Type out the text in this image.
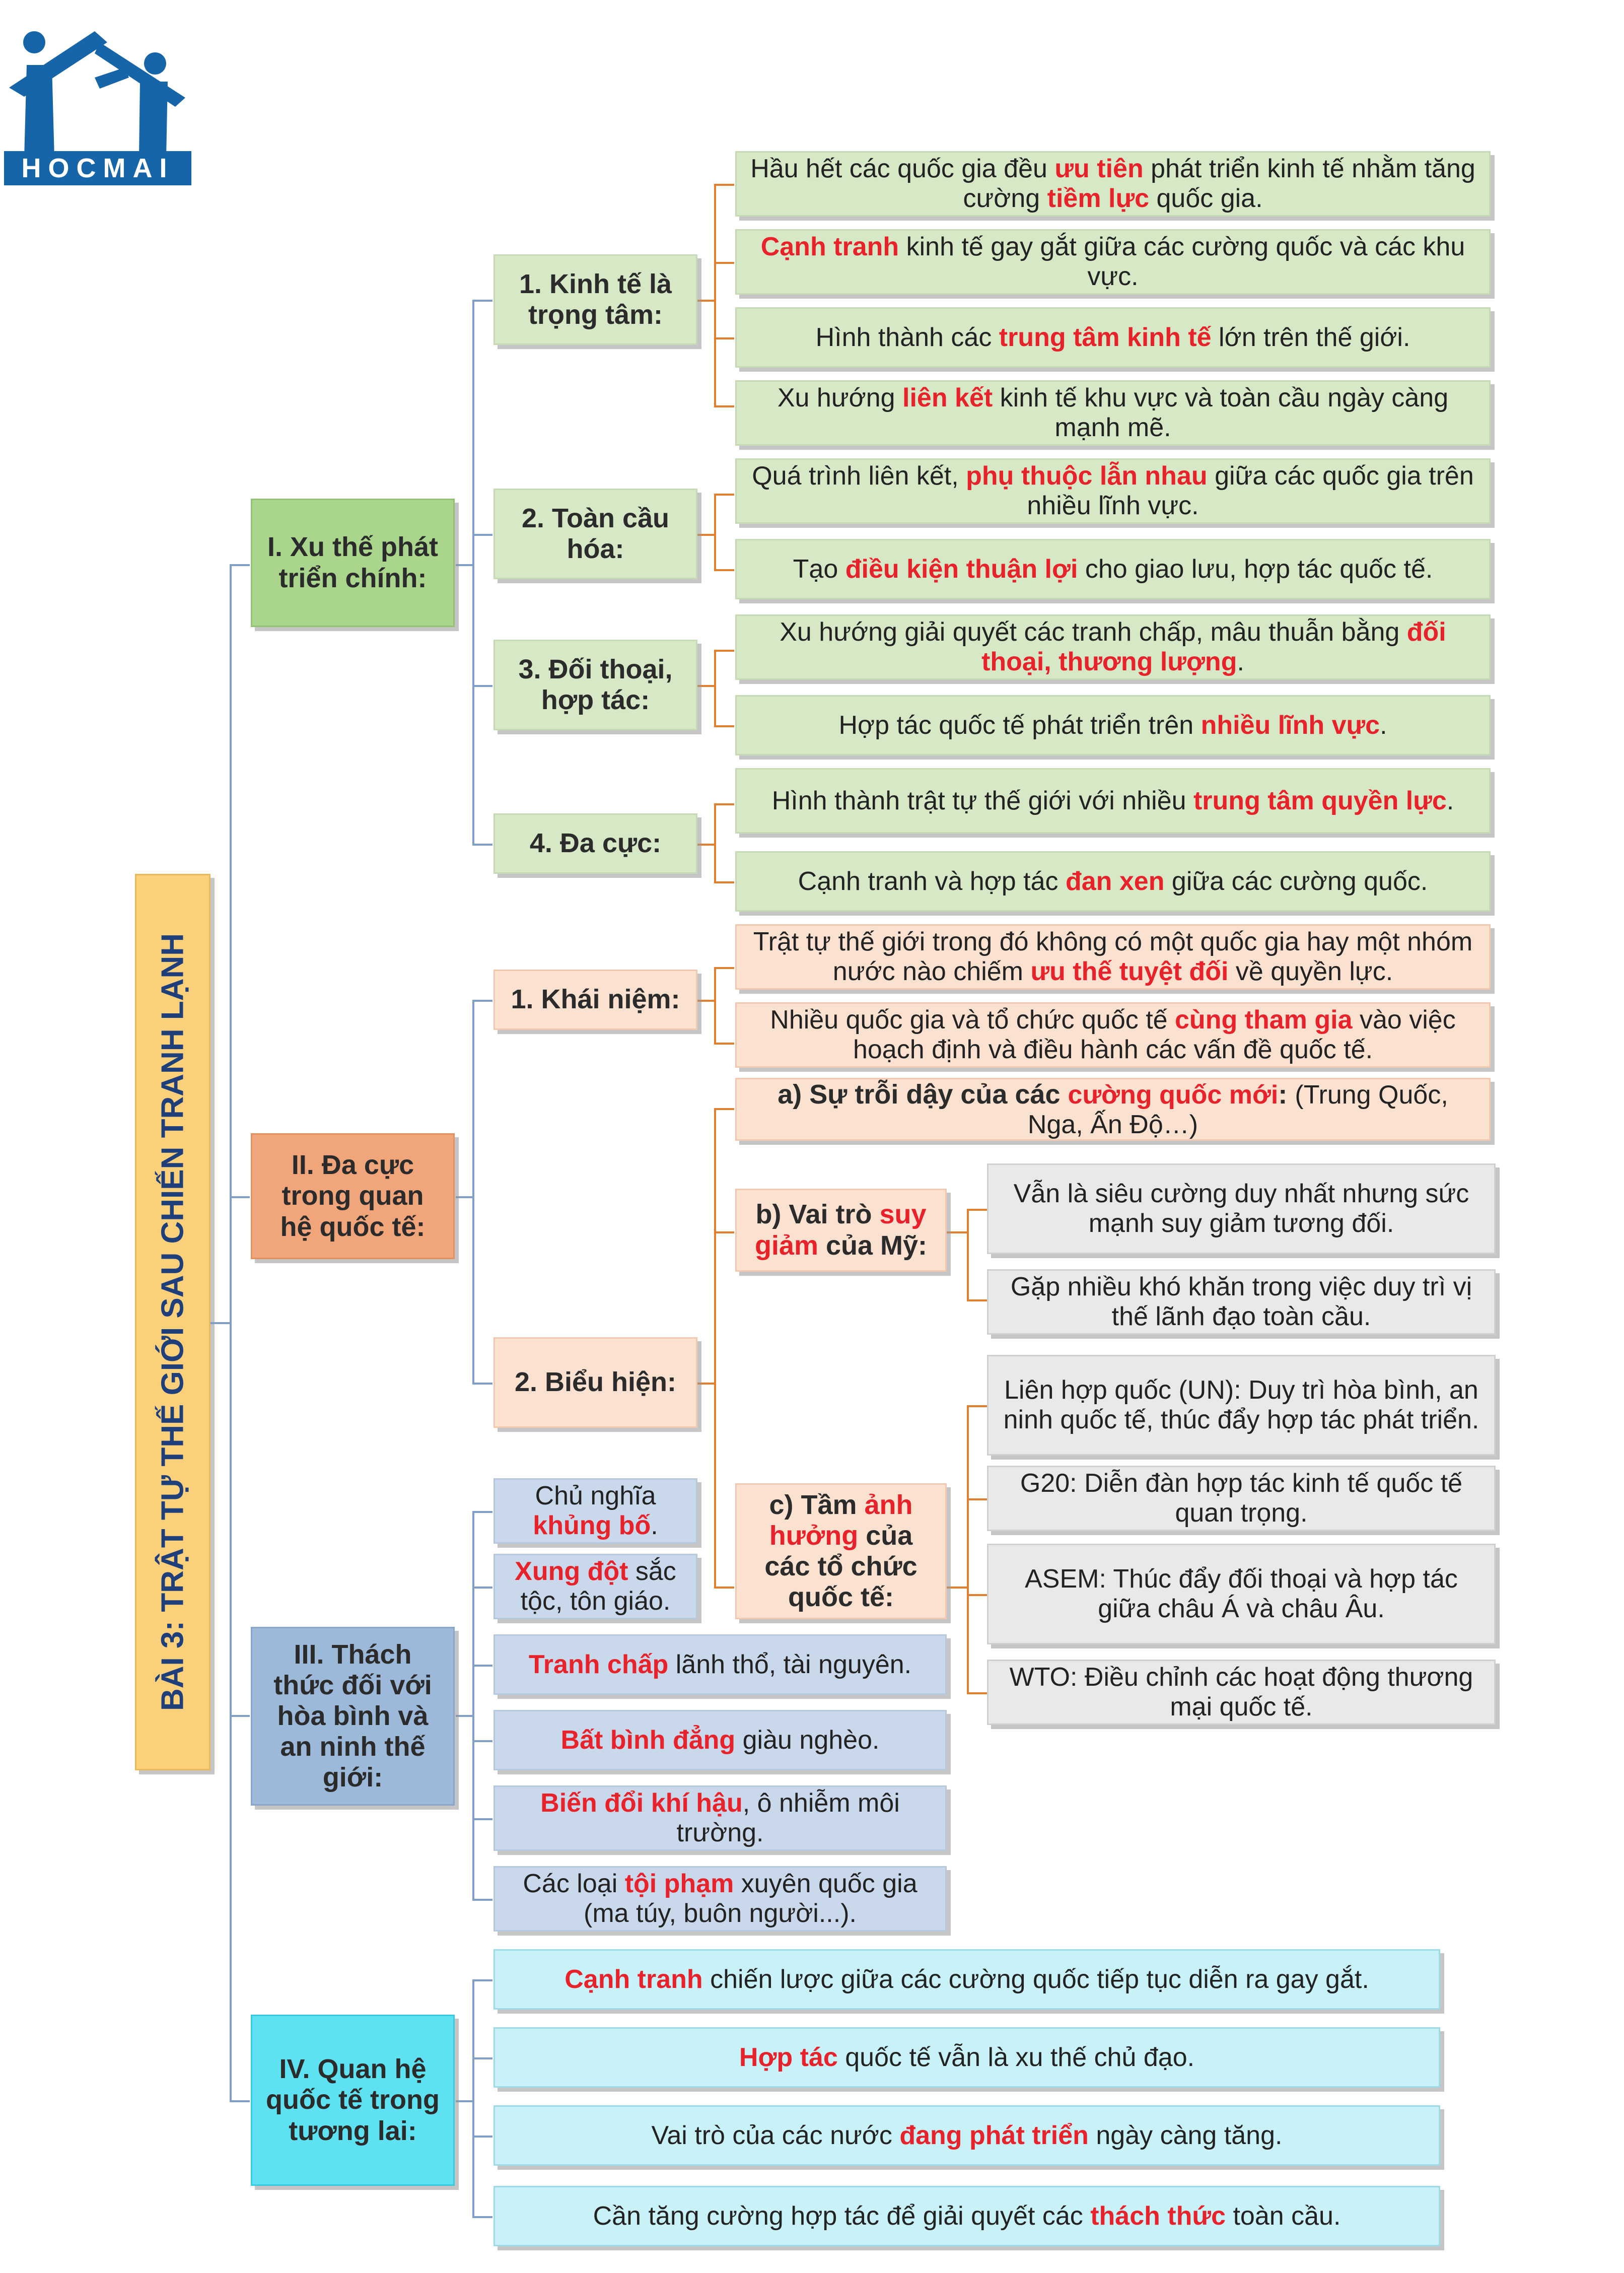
HOCMAI
BÀI 3: TRẬT TỰ THẾ GIỚI SAU CHIẾN TRANH LẠNH
I. Xu thế phát triển chính:
1. Kinh tế là trọng tâm:
2. Toàn cầu hóa:
3. Đối thoại, hợp tác:
4. Đa cực:
Hầu hết các quốc gia đều ưu tiên phát triển kinh tế nhằm tăng cường tiềm lực quốc gia.
Cạnh tranh kinh tế gay gắt giữa các cường quốc và các khu vực.
Hình thành các trung tâm kinh tế lớn trên thế giới.
Xu hướng liên kết kinh tế khu vực và toàn cầu ngày càng mạnh mẽ.
Quá trình liên kết, phụ thuộc lẫn nhau giữa các quốc gia trên nhiều lĩnh vực.
Tạo điều kiện thuận lợi cho giao lưu, hợp tác quốc tế.
Xu hướng giải quyết các tranh chấp, mâu thuẫn bằng đối thoại, thương lượng.
Hợp tác quốc tế phát triển trên nhiều lĩnh vực.
Hình thành trật tự thế giới với nhiều trung tâm quyền lực.
Cạnh tranh và hợp tác đan xen giữa các cường quốc.
II. Đa cực trong quan hệ quốc tế:
1. Khái niệm:
2. Biểu hiện:
Trật tự thế giới trong đó không có một quốc gia hay một nhóm nước nào chiếm ưu thế tuyệt đối về quyền lực.
Nhiều quốc gia và tổ chức quốc tế cùng tham gia vào việc hoạch định và điều hành các vấn đề quốc tế.
a) Sự trỗi dậy của các cường quốc mới: (Trung Quốc, Nga, Ấn Độ…)
b) Vai trò suy giảm của Mỹ:
Vẫn là siêu cường duy nhất nhưng sức mạnh suy giảm tương đối.
Gặp nhiều khó khăn trong việc duy trì vị thế lãnh đạo toàn cầu.
c) Tầm ảnh hưởng của các tổ chức quốc tế:
Liên hợp quốc (UN): Duy trì hòa bình, an ninh quốc tế, thúc đẩy hợp tác phát triển.
G20: Diễn đàn hợp tác kinh tế quốc tế quan trọng.
ASEM: Thúc đẩy đối thoại và hợp tác giữa châu Á và châu Âu.
WTO: Điều chỉnh các hoạt động thương mại quốc tế.
III. Thách thức đối với hòa bình và an ninh thế giới:
Chủ nghĩa khủng bố.
Xung đột sắc tộc, tôn giáo.
Tranh chấp lãnh thổ, tài nguyên.
Bất bình đẳng giàu nghèo.
Biến đổi khí hậu, ô nhiễm môi trường.
Các loại tội phạm xuyên quốc gia (ma túy, buôn người...).
IV. Quan hệ quốc tế trong tương lai:
Cạnh tranh chiến lược giữa các cường quốc tiếp tục diễn ra gay gắt.
Hợp tác quốc tế vẫn là xu thế chủ đạo.
Vai trò của các nước đang phát triển ngày càng tăng.
Cần tăng cường hợp tác để giải quyết các thách thức toàn cầu.
